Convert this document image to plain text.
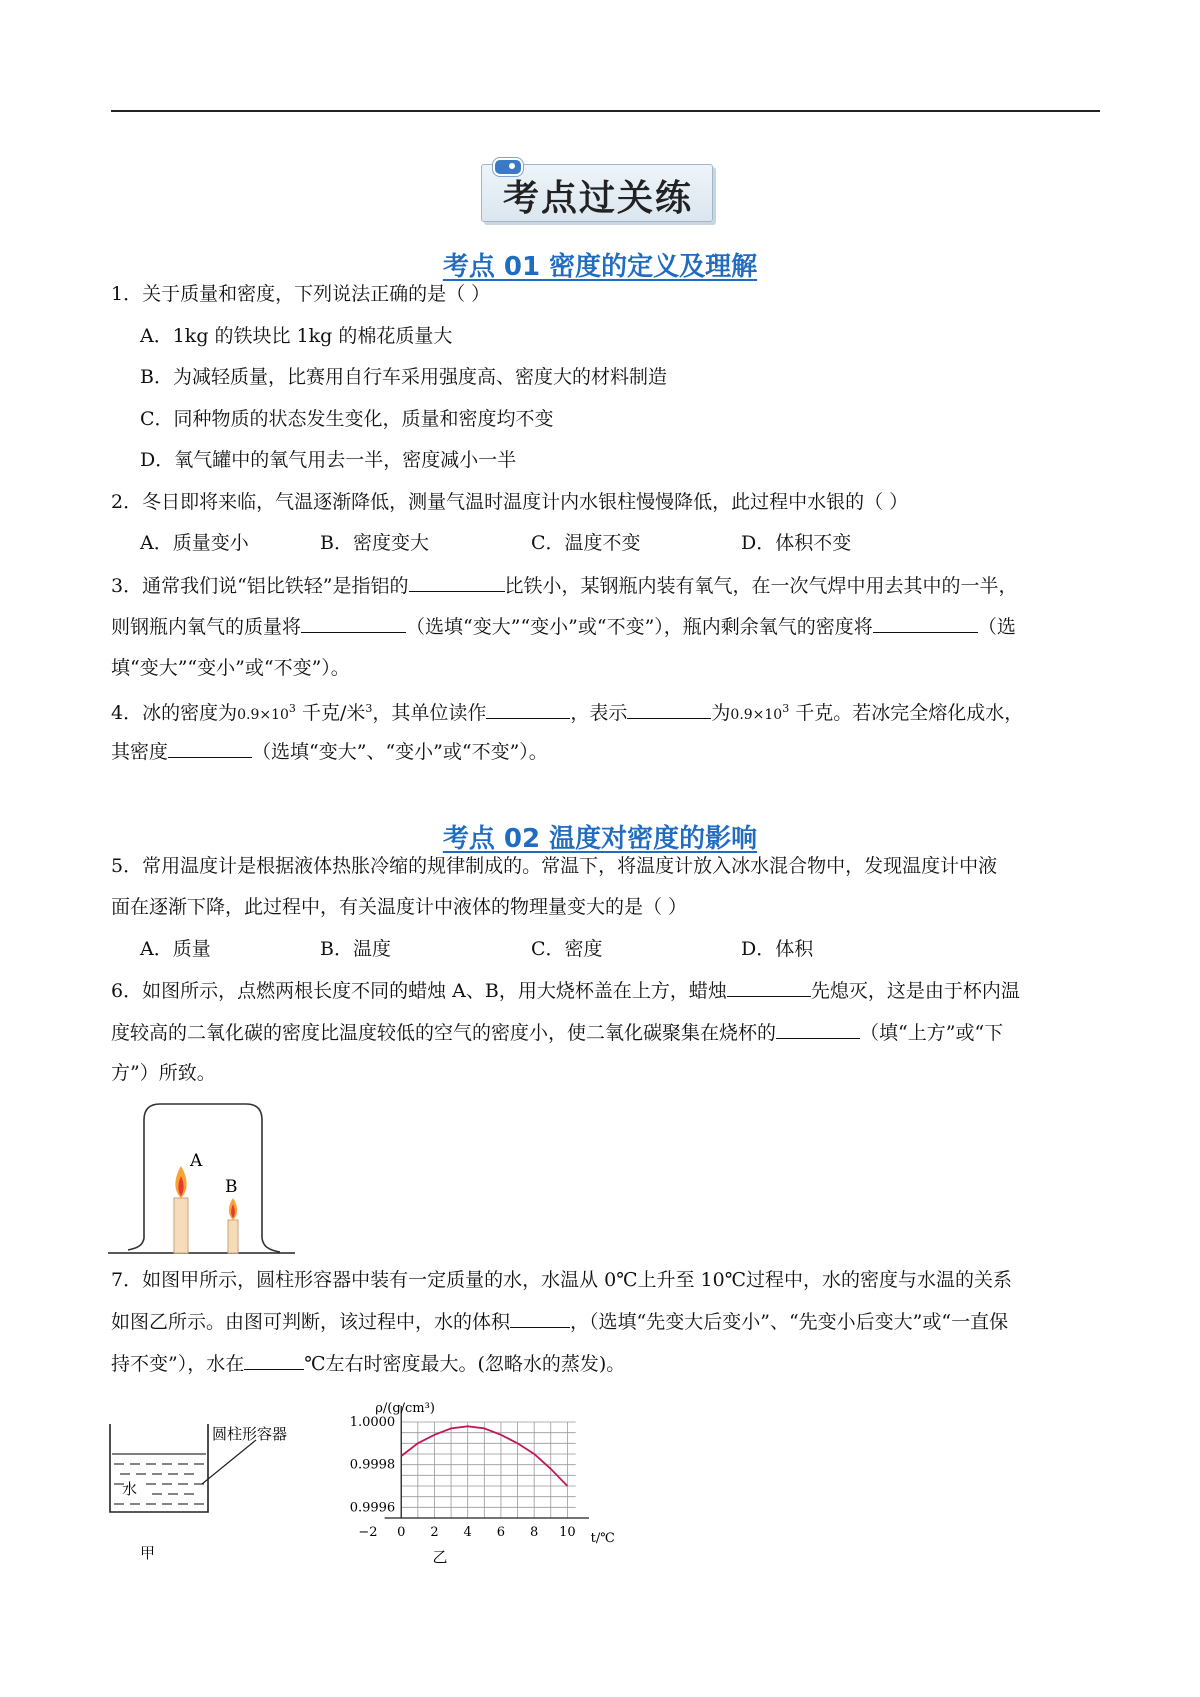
考点过关练
考点 01 密度的定义及理解
1．关于质量和密度，下列说法正确的是（ ）
A．1kg 的铁块比 1kg 的棉花质量大
B．为减轻质量，比赛用自行车采用强度高、密度大的材料制造
C．同种物质的状态发生变化，质量和密度均不变
D．氧气罐中的氧气用去一半，密度减小一半
2．冬日即将来临，气温逐渐降低，测量气温时温度计内水银柱慢慢降低，此过程中水银的（ ）
A．质量变小	B．密度变大	C．温度不变	D．体积不变
3．通常我们说“铝比铁轻”是指铝的	比铁小，某钢瓶内装有氧气，在一次气焊中用去其中的一半，
则钢瓶内氧气的质量将	（选填“变大”“变小”或“不变”），瓶内剩余氧气的密度将	（选
填“变大”“变小”或“不变”）。
4．冰的密度为$0.9\times 10^3$ 千克/米$^3$，其单位读作	，表示	为$0.9\times 10^3$ 千克。若冰完全熔化成水，
其密度	（选填“变大”、“变小”或“不变”）。
考点 02 温度对密度的影响
5．常用温度计是根据液体热胀冷缩的规律制成的。常温下，将温度计放入冰水混合物中，发现温度计中液
面在逐渐下降，此过程中，有关温度计中液体的物理量变大的是（ ）
A．质量	B．温度	C．密度	D．体积
6．如图所示，点燃两根长度不同的蜡烛 A、B，用大烧杯盖在上方，蜡烛	先熄灭，这是由于杯内温
度较高的二氧化碳的密度比温度较低的空气的密度小，使二氧化碳聚集在烧杯的	（填“上方”或“下
方”）所致。
A
B
7．如图甲所示，圆柱形容器中装有一定质量的水，水温从 0℃上升至 10℃过程中，水的密度与水温的关系
如图乙所示。由图可判断，该过程中，水的体积	，（选填“先变大后变小”、“先变小后变大”或“一直保
持不变”），水在	℃左右时密度最大。(忽略水的蒸发)。
圆柱形容器
水
甲
−2 0 2 4 6 8 10
1.0000
0.9998
0.9996
ρ/(g/cm³)
t/℃
乙
